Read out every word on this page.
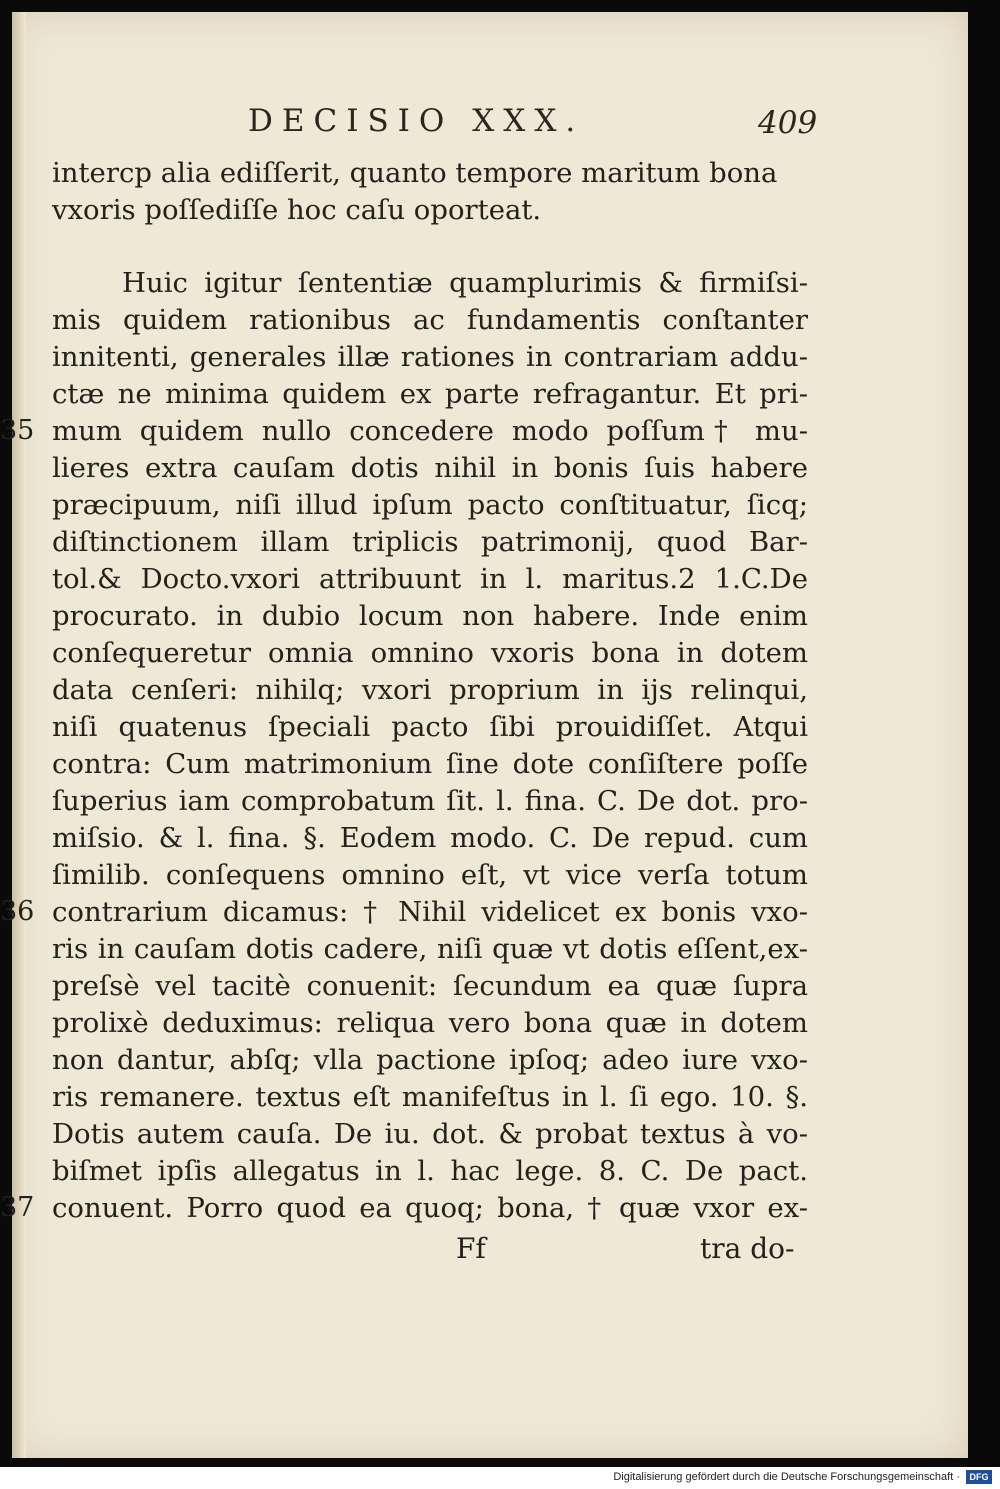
DECISIO XXX.	409
intercp alia ediſſerit, quanto tempore maritum bona
vxoris poſſediſſe hoc caſu oporteat.
Huic igitur ſententiæ quamplurimis & firmiſsi-
mis quidem rationibus ac fundamentis conſtanter
innitenti, generales illæ rationes in contrariam addu-
ctæ ne minima quidem ex parte refragantur. Et pri-
mum quidem nullo concedere modo poſſum† mu-
lieres extra cauſam dotis nihil in bonis ſuis habere
præcipuum, niſi illud ipſum pacto conſtituatur, ſicq;
diſtinctionem illam triplicis patrimonij, quod Bar-
tol.& Docto.vxori attribuunt in l. maritus.2 1.C.De
procurato. in dubio locum non habere. Inde enim
conſequeretur omnia omnino vxoris bona in dotem
data cenſeri: nihilq; vxori proprium in ijs relinqui,
niſi quatenus ſpeciali pacto ſibi prouidiſſet. Atqui
contra: Cum matrimonium ſine dote conſiſtere poſſe
ſuperius iam comprobatum ſit. l. fina. C. De dot. pro-
miſsio. & l. fina. §. Eodem modo. C. De repud. cum
ſimilib. conſequens omnino eſt, vt vice verſa totum
contrarium dicamus: † Nihil videlicet ex bonis vxo-
ris in cauſam dotis cadere, niſi quæ vt dotis eſſent,ex-
preſsè vel tacitè conuenit: ſecundum ea quæ ſupra
prolixè deduximus: reliqua vero bona quæ in dotem
non dantur, abſq; vlla pactione ipſoq; adeo iure vxo-
ris remanere. textus eſt manifeſtus in l. ſi ego. 10. §.
Dotis autem cauſa. De iu. dot. & probat textus à vo-
biſmet ipſis allegatus in l. hac lege. 8. C. De pact.
conuent. Porro quod ea quoq; bona, † quæ vxor ex-
35
36
37
Ff	tra do-
Digitalisierung gefördert durch die Deutsche Forschungsgemeinschaft ·	DFG
